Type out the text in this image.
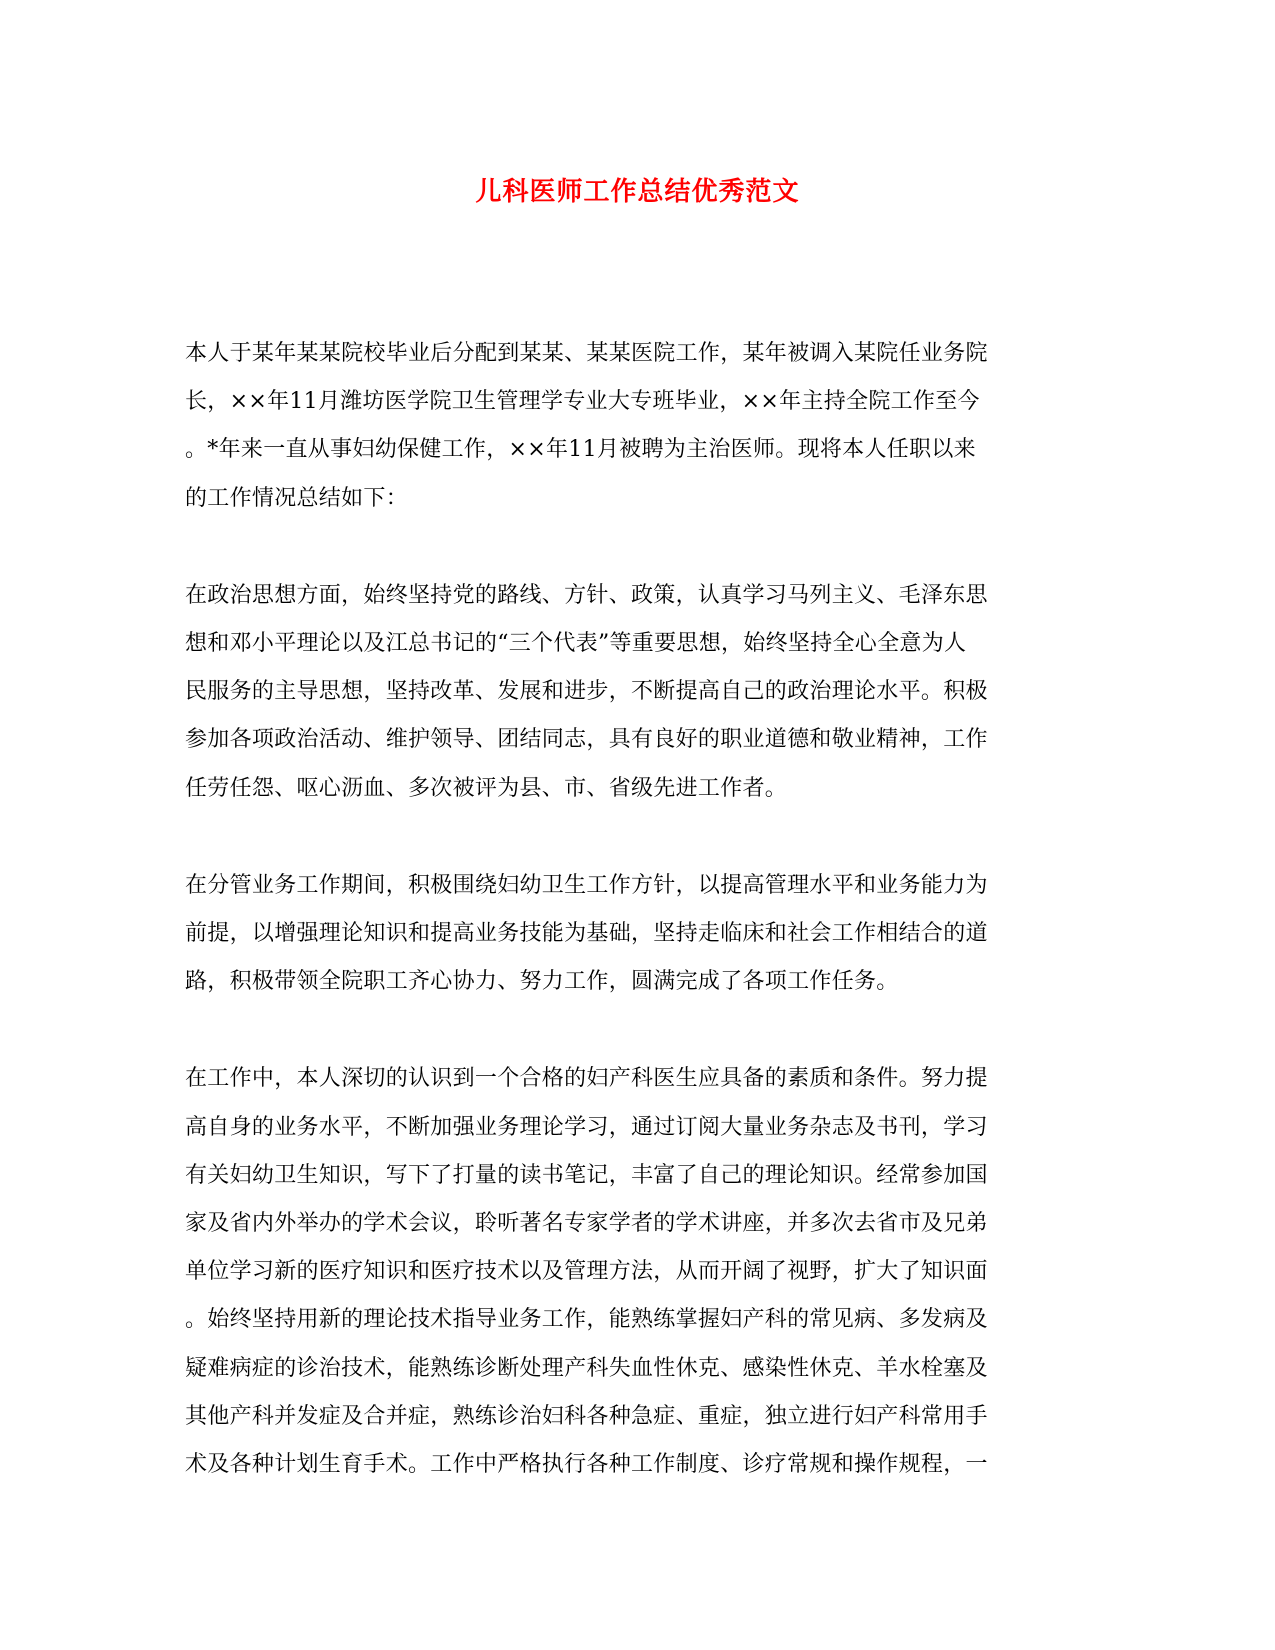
儿科医师工作总结优秀范文

本人于某年某某院校毕业后分配到某某、某某医院工作，某年被调入某院任业务院
长，××年11月潍坊医学院卫生管理学专业大专班毕业，××年主持全院工作至今
。*年来一直从事妇幼保健工作，××年11月被聘为主治医师。现将本人任职以来
的工作情况总结如下：

在政治思想方面，始终坚持党的路线、方针、政策，认真学习马列主义、毛泽东思
想和邓小平理论以及江总书记的“三个代表”等重要思想，始终坚持全心全意为人
民服务的主导思想，坚持改革、发展和进步，不断提高自己的政治理论水平。积极
参加各项政治活动、维护领导、团结同志，具有良好的职业道德和敬业精神，工作
任劳任怨、呕心沥血、多次被评为县、市、省级先进工作者。

在分管业务工作期间，积极围绕妇幼卫生工作方针，以提高管理水平和业务能力为
前提，以增强理论知识和提高业务技能为基础，坚持走临床和社会工作相结合的道
路，积极带领全院职工齐心协力、努力工作，圆满完成了各项工作任务。

在工作中，本人深切的认识到一个合格的妇产科医生应具备的素质和条件。努力提
高自身的业务水平，不断加强业务理论学习，通过订阅大量业务杂志及书刊，学习
有关妇幼卫生知识，写下了打量的读书笔记，丰富了自己的理论知识。经常参加国
家及省内外举办的学术会议，聆听著名专家学者的学术讲座，并多次去省市及兄弟
单位学习新的医疗知识和医疗技术以及管理方法，从而开阔了视野，扩大了知识面
。始终坚持用新的理论技术指导业务工作，能熟练掌握妇产科的常见病、多发病及
疑难病症的诊治技术，能熟练诊断处理产科失血性休克、感染性休克、羊水栓塞及
其他产科并发症及合并症，熟练诊治妇科各种急症、重症，独立进行妇产科常用手
术及各种计划生育手术。工作中严格执行各种工作制度、诊疗常规和操作规程，一
